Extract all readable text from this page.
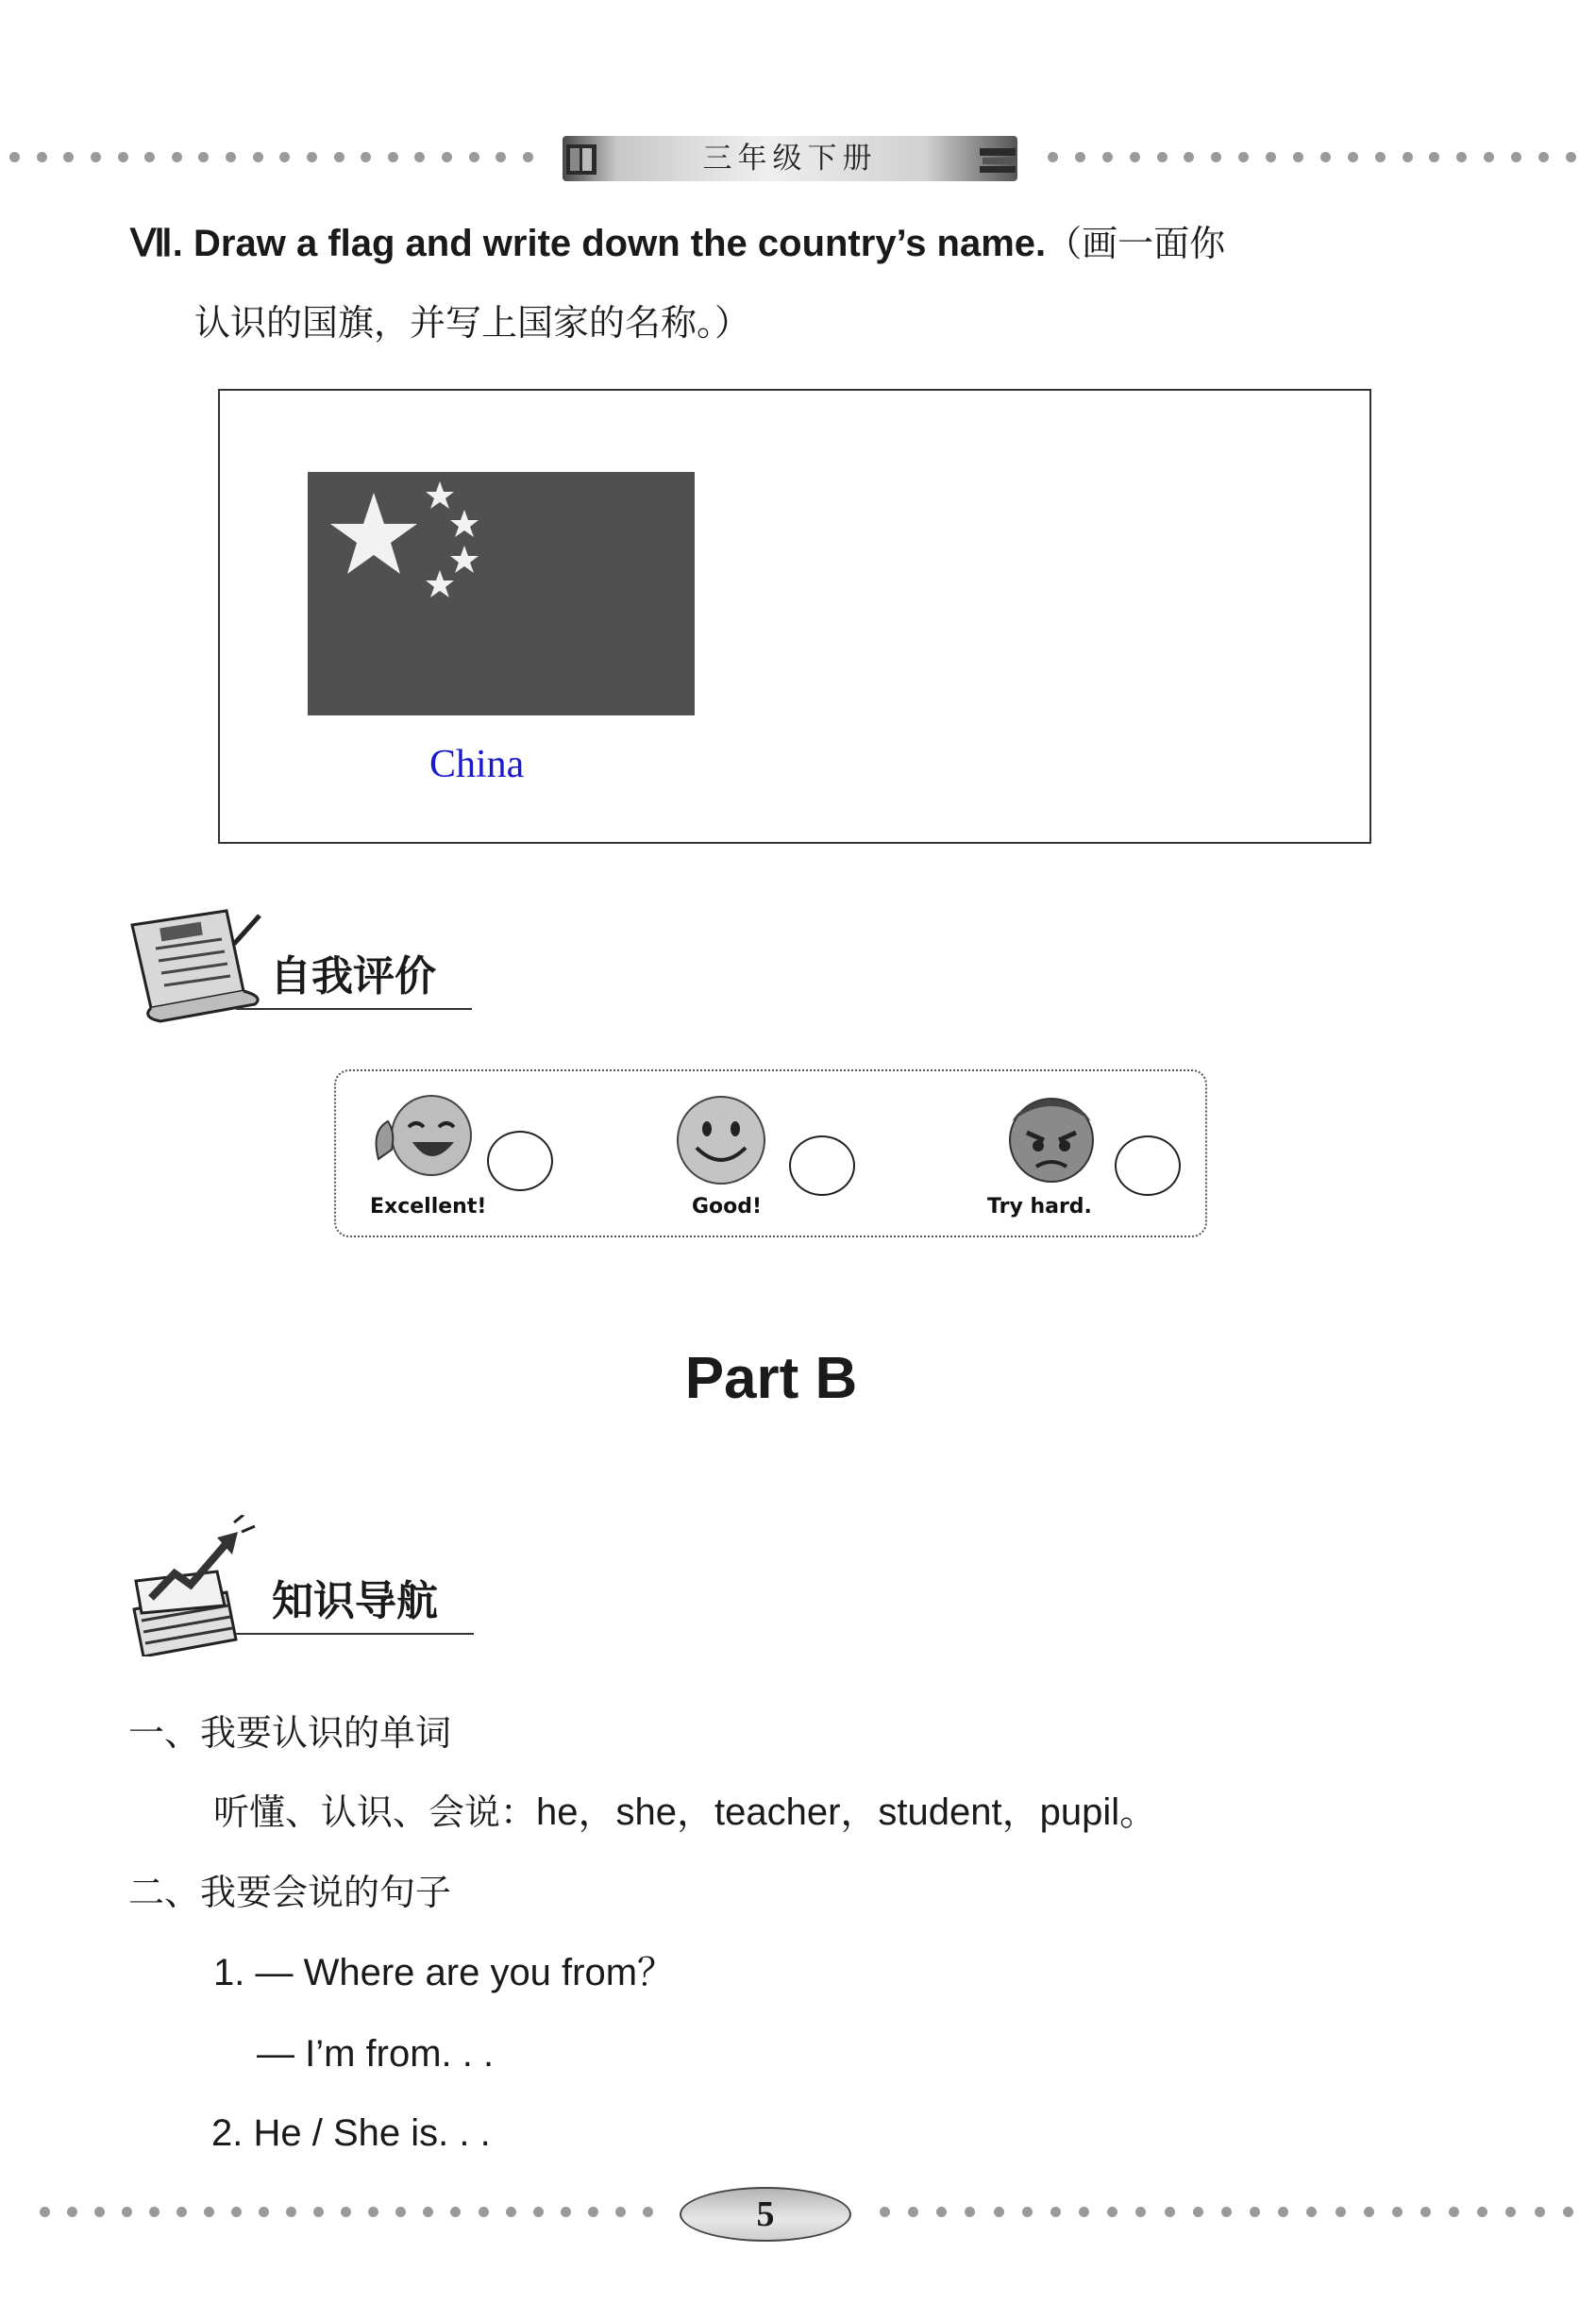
三年级下册
Ⅶ. Draw a flag and write down the country’s name.（画一面你
认识的国旗，并写上国家的名称。）
China
自我评价
Excellent!	Good!	Try hard.
Part B
知识导航
一、我要认识的单词
听懂、认识、会说：he，she，teacher，student，pupil。
二、我要会说的句子
1. — Where are you from？
— I’m from. . .
2. He / She is. . .
5
